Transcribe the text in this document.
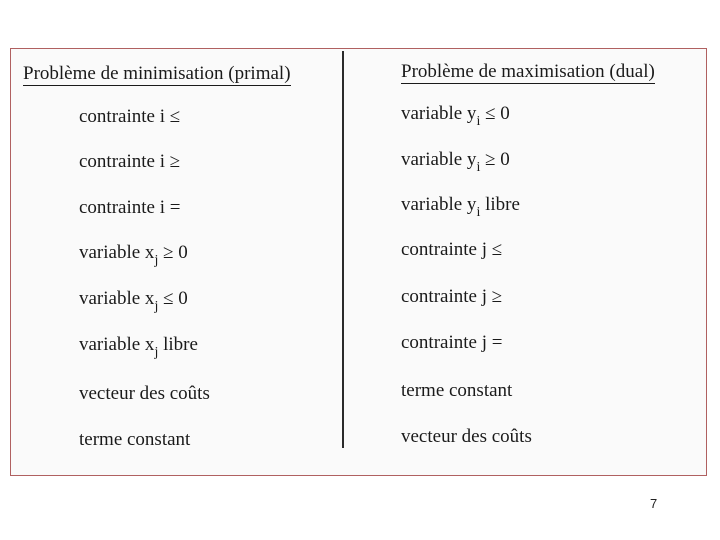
Problème de minimisation (primal)	Problème de maximisation (dual)
contrainte i ≤
contrainte i ≥
contrainte i =
variable $x_j \ge 0$
variable $x_j \le 0$
variable $x_j$ libre
vecteur des coûts
terme constant
variable $y_i \le 0$
variable $y_i \ge 0$
variable $y_i$ libre
contrainte j ≤
contrainte j ≥
contrainte j =
terme constant
vecteur des coûts
7
